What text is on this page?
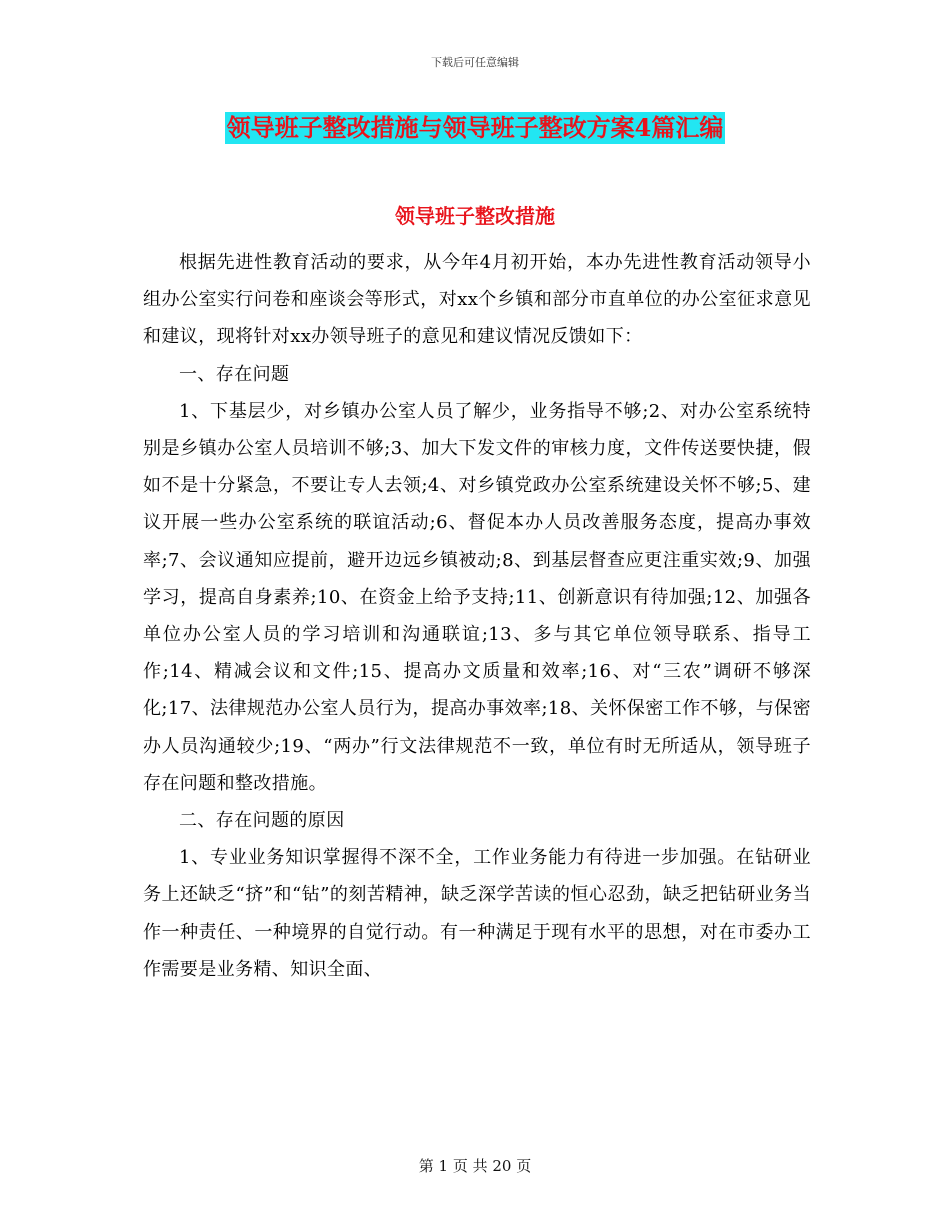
下载后可任意编辑
领导班子整改措施与领导班子整改方案4篇汇编
领导班子整改措施

根据先进性教育活动的要求，从今年4月初开始，本办先进性教育活动领导小组办公室实行问卷和座谈会等形式，对xx个乡镇和部分市直单位的办公室征求意见和建议，现将针对xx办领导班子的意见和建议情况反馈如下：

一、存在问题

1、下基层少，对乡镇办公室人员了解少，业务指导不够;2、对办公室系统特别是乡镇办公室人员培训不够;3、加大下发文件的审核力度，文件传送要快捷，假如不是十分紧急，不要让专人去领;4、对乡镇党政办公室系统建设关怀不够;5、建议开展一些办公室系统的联谊活动;6、督促本办人员改善服务态度，提高办事效率;7、会议通知应提前，避开边远乡镇被动;8、到基层督查应更注重实效;9、加强学习，提高自身素养;10、在资金上给予支持;11、创新意识有待加强;12、加强各单位办公室人员的学习培训和沟通联谊;13、多与其它单位领导联系、指导工作;14、精减会议和文件;15、提高办文质量和效率;16、对“三农”调研不够深化;17、法律规范办公室人员行为，提高办事效率;18、关怀保密工作不够，与保密办人员沟通较少;19、“两办”行文法律规范不一致，单位有时无所适从，领导班子存在问题和整改措施。

二、存在问题的原因

1、专业业务知识掌握得不深不全，工作业务能力有待进一步加强。在钻研业务上还缺乏“挤”和“钻”的刻苦精神，缺乏深学苦读的恒心忍劲，缺乏把钻研业务当作一种责任、一种境界的自觉行动。有一种满足于现有水平的思想，对在市委办工作需要是业务精、知识全面、

第 1 页 共 20 页
